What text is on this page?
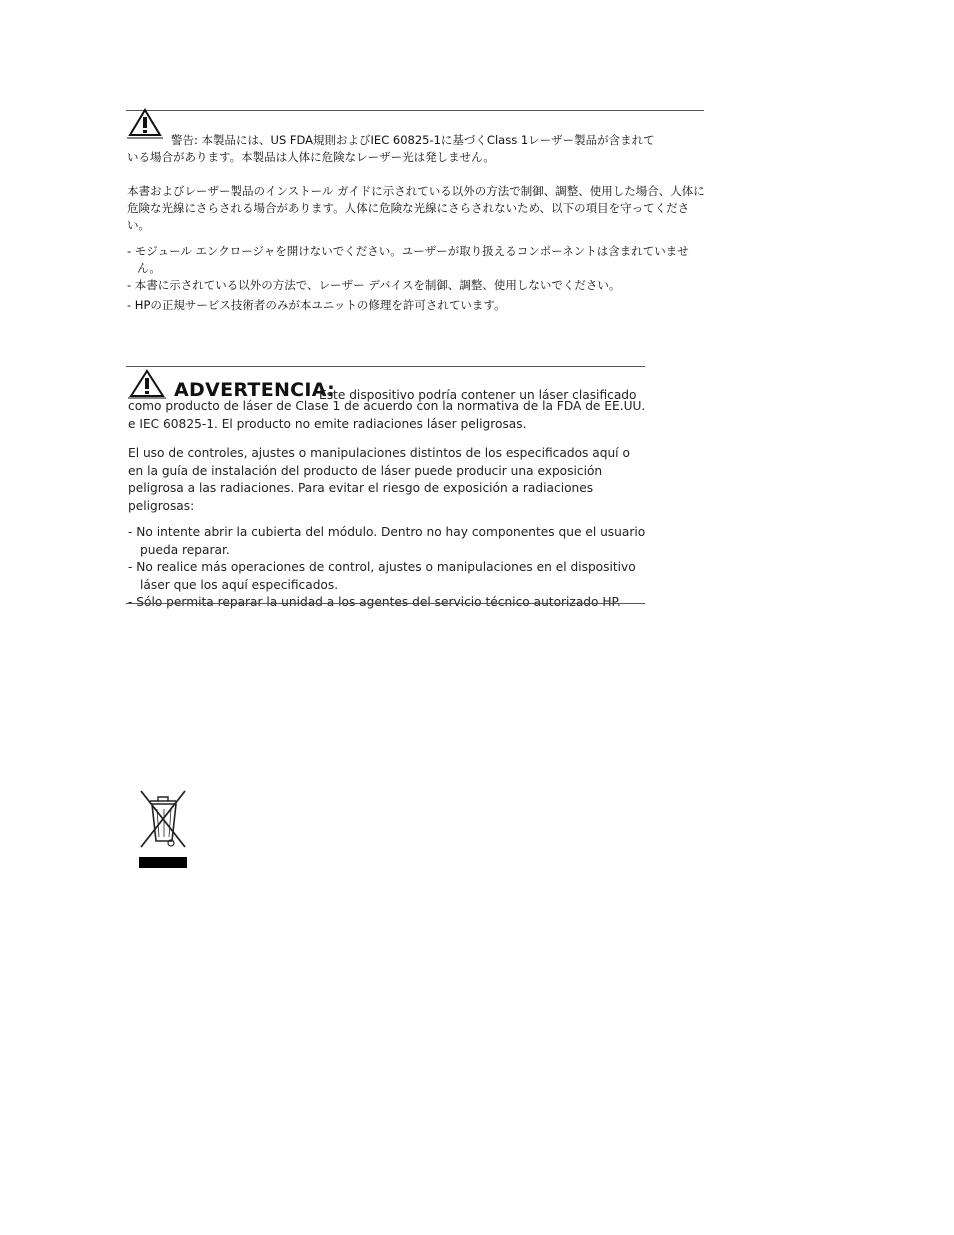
警告: 本製品には、US FDA規則およびIEC 60825-1に基づくClass 1レーザー製品が含まれて

いる場合があります。本製品は人体に危険なレーザー光は発しません。

本書およびレーザー製品のインストール ガイドに示されている以外の方法で制御、調整、使用した場合、人体に危険な光線にさらされる場合があります。人体に危険な光線にさらされないため、以下の項目を守ってください。

- モジュール エンクロージャを開けないでください。ユーザーが取り扱えるコンポーネントは含まれていません。
- 本書に示されている以外の方法で、レーザー デバイスを制御、調整、使用しないでください。
- HPの正規サービス技術者のみが本ユニットの修理を許可されています。
ADVERTENCIA:
Este dispositivo podría contener un láser clasificado

como producto de láser de Clase 1 de acuerdo con la normativa de la FDA de EE.UU. e IEC 60825-1. El producto no emite radiaciones láser peligrosas.

El uso de controles, ajustes o manipulaciones distintos de los especificados aquí o en la guía de instalación del producto de láser puede producir una exposición peligrosa a las radiaciones. Para evitar el riesgo de exposición a radiaciones peligrosas:

- No intente abrir la cubierta del módulo. Dentro no hay componentes que el usuario pueda reparar.
- No realice más operaciones de control, ajustes o manipulaciones en el dispositivo láser que los aquí especificados.
- Sólo permita reparar la unidad a los agentes del servicio técnico autorizado HP.
